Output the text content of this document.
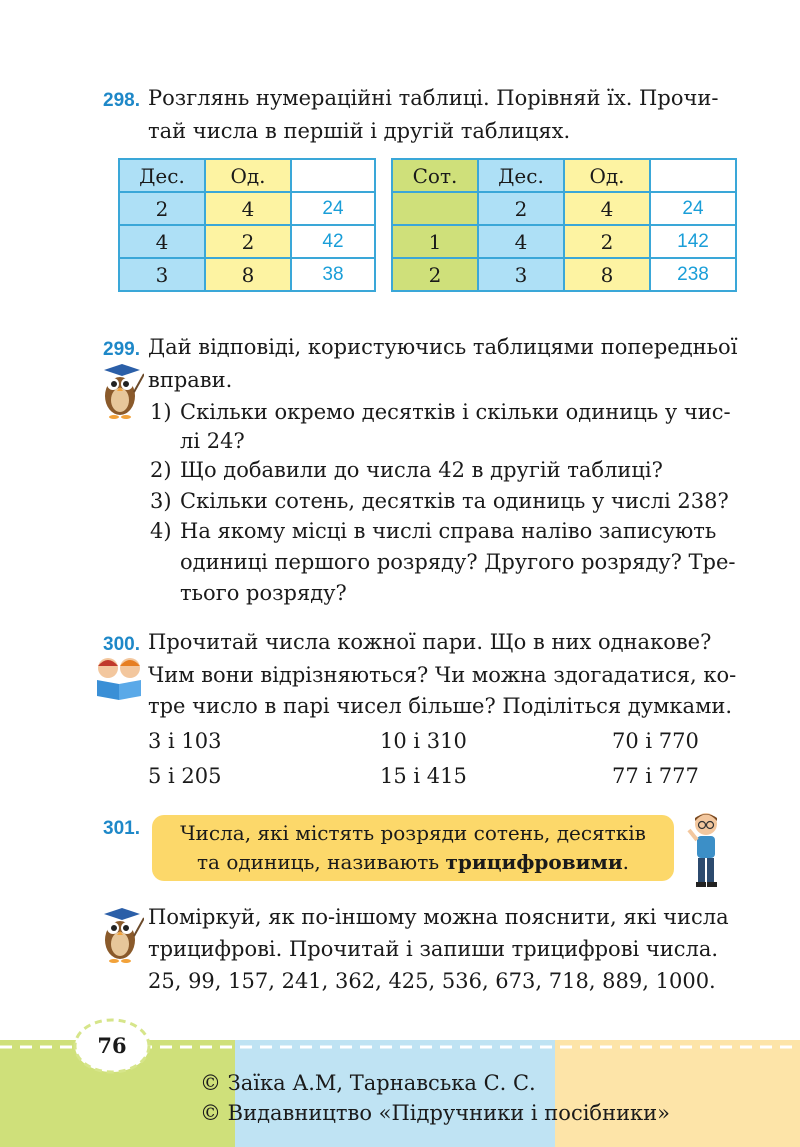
298. Розглянь нумераційні таблиці. Порівняй їх. Прочи-
тай числа в першій і другій таблицях.
Дес.	Од.	
2	4	24
4	2	42
3	8	38
Сот.	Дес.	Од.	
	2	4	24
1	4	2	142
2	3	8	238
299. Дай відповіді, користуючись таблицями попередньої
вправи.
1) Скільки окремо десятків і скільки одиниць у чис-
лі 24?
2) Що добавили до числа 42 в другій таблиці?
3) Скільки сотень, десятків та одиниць у числі 238?
4) На якому місці в числі справа наліво записують
одиниці першого розряду? Другого розряду? Тре-
тього розряду?
300. Прочитай числа кожної пари. Що в них однакове?
Чим вони відрізняються? Чи можна здогадатися, ко-
тре число в парі чисел більше? Поділіться думками.
3 і 103	10 і 310	70 і 770
5 і 205	15 і 415	77 і 777
301.	Числа, які містять розряди сотень, десятків
та одиниць, називають трицифровими.
Поміркуй, як по-іншому можна пояснити, які числа
трицифрові. Прочитай і запиши трицифрові числа.
25, 99, 157, 241, 362, 425, 536, 673, 718, 889, 1000.
76
© Заїка А.М, Тарнавська С. С.
© Видавництво «Підручники і посібники»
